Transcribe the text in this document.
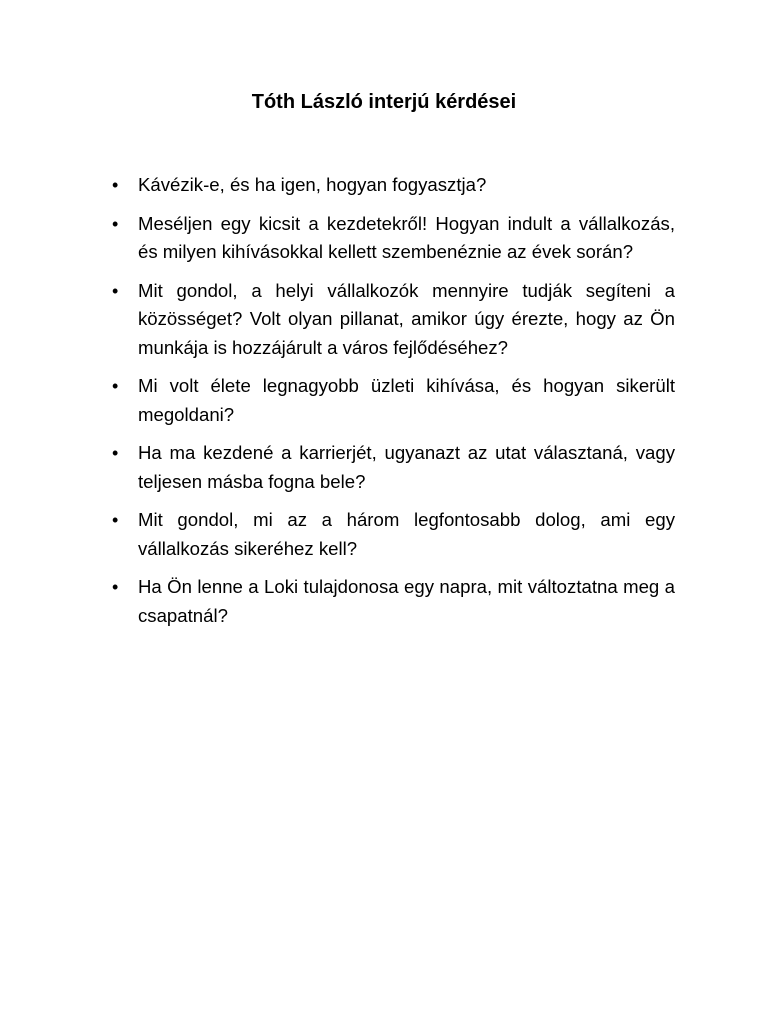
Tóth László interjú kérdései
• Kávézik-e, és ha igen, hogyan fogyasztja?
• Meséljen egy kicsit a kezdetekről! Hogyan indult a vállalkozás, és milyen kihívásokkal kellett szembenéznie az évek során?
• Mit gondol, a helyi vállalkozók mennyire tudják segíteni a közösséget? Volt olyan pillanat, amikor úgy érezte, hogy az Ön munkája is hozzájárult a város fejlődéséhez?
• Mi volt élete legnagyobb üzleti kihívása, és hogyan sikerült megoldani?
• Ha ma kezdené a karrierjét, ugyanazt az utat választaná, vagy teljesen másba fogna bele?
• Mit gondol, mi az a három legfontosabb dolog, ami egy vállalkozás sikeréhez kell?
• Ha Ön lenne a Loki tulajdonosa egy napra, mit változtatna meg a csapatnál?
